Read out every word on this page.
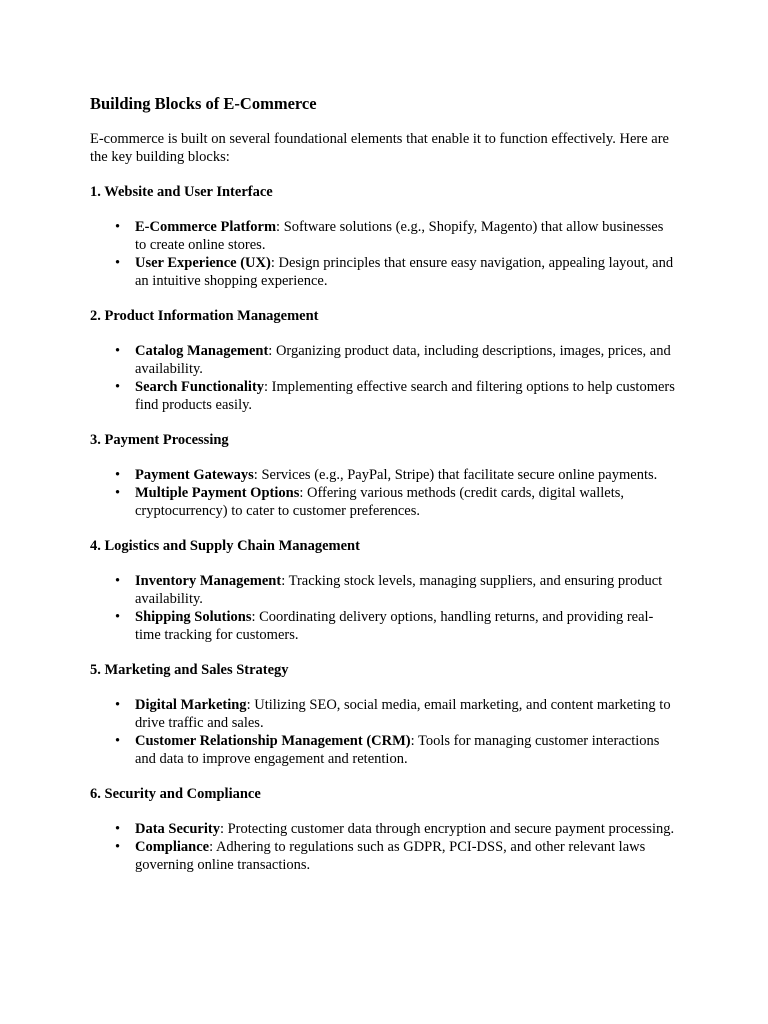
Building Blocks of E-Commerce

E-commerce is built on several foundational elements that enable it to function effectively. Here are the key building blocks:

1. Website and User Interface
• E-Commerce Platform: Software solutions (e.g., Shopify, Magento) that allow businesses to create online stores.
• User Experience (UX): Design principles that ensure easy navigation, appealing layout, and an intuitive shopping experience.
2. Product Information Management
• Catalog Management: Organizing product data, including descriptions, images, prices, and availability.
• Search Functionality: Implementing effective search and filtering options to help customers find products easily.
3. Payment Processing
• Payment Gateways: Services (e.g., PayPal, Stripe) that facilitate secure online payments.
• Multiple Payment Options: Offering various methods (credit cards, digital wallets, cryptocurrency) to cater to customer preferences.
4. Logistics and Supply Chain Management
• Inventory Management: Tracking stock levels, managing suppliers, and ensuring product availability.
• Shipping Solutions: Coordinating delivery options, handling returns, and providing real-time tracking for customers.
5. Marketing and Sales Strategy
• Digital Marketing: Utilizing SEO, social media, email marketing, and content marketing to drive traffic and sales.
• Customer Relationship Management (CRM): Tools for managing customer interactions and data to improve engagement and retention.
6. Security and Compliance
• Data Security: Protecting customer data through encryption and secure payment processing.
• Compliance: Adhering to regulations such as GDPR, PCI-DSS, and other relevant laws governing online transactions.
